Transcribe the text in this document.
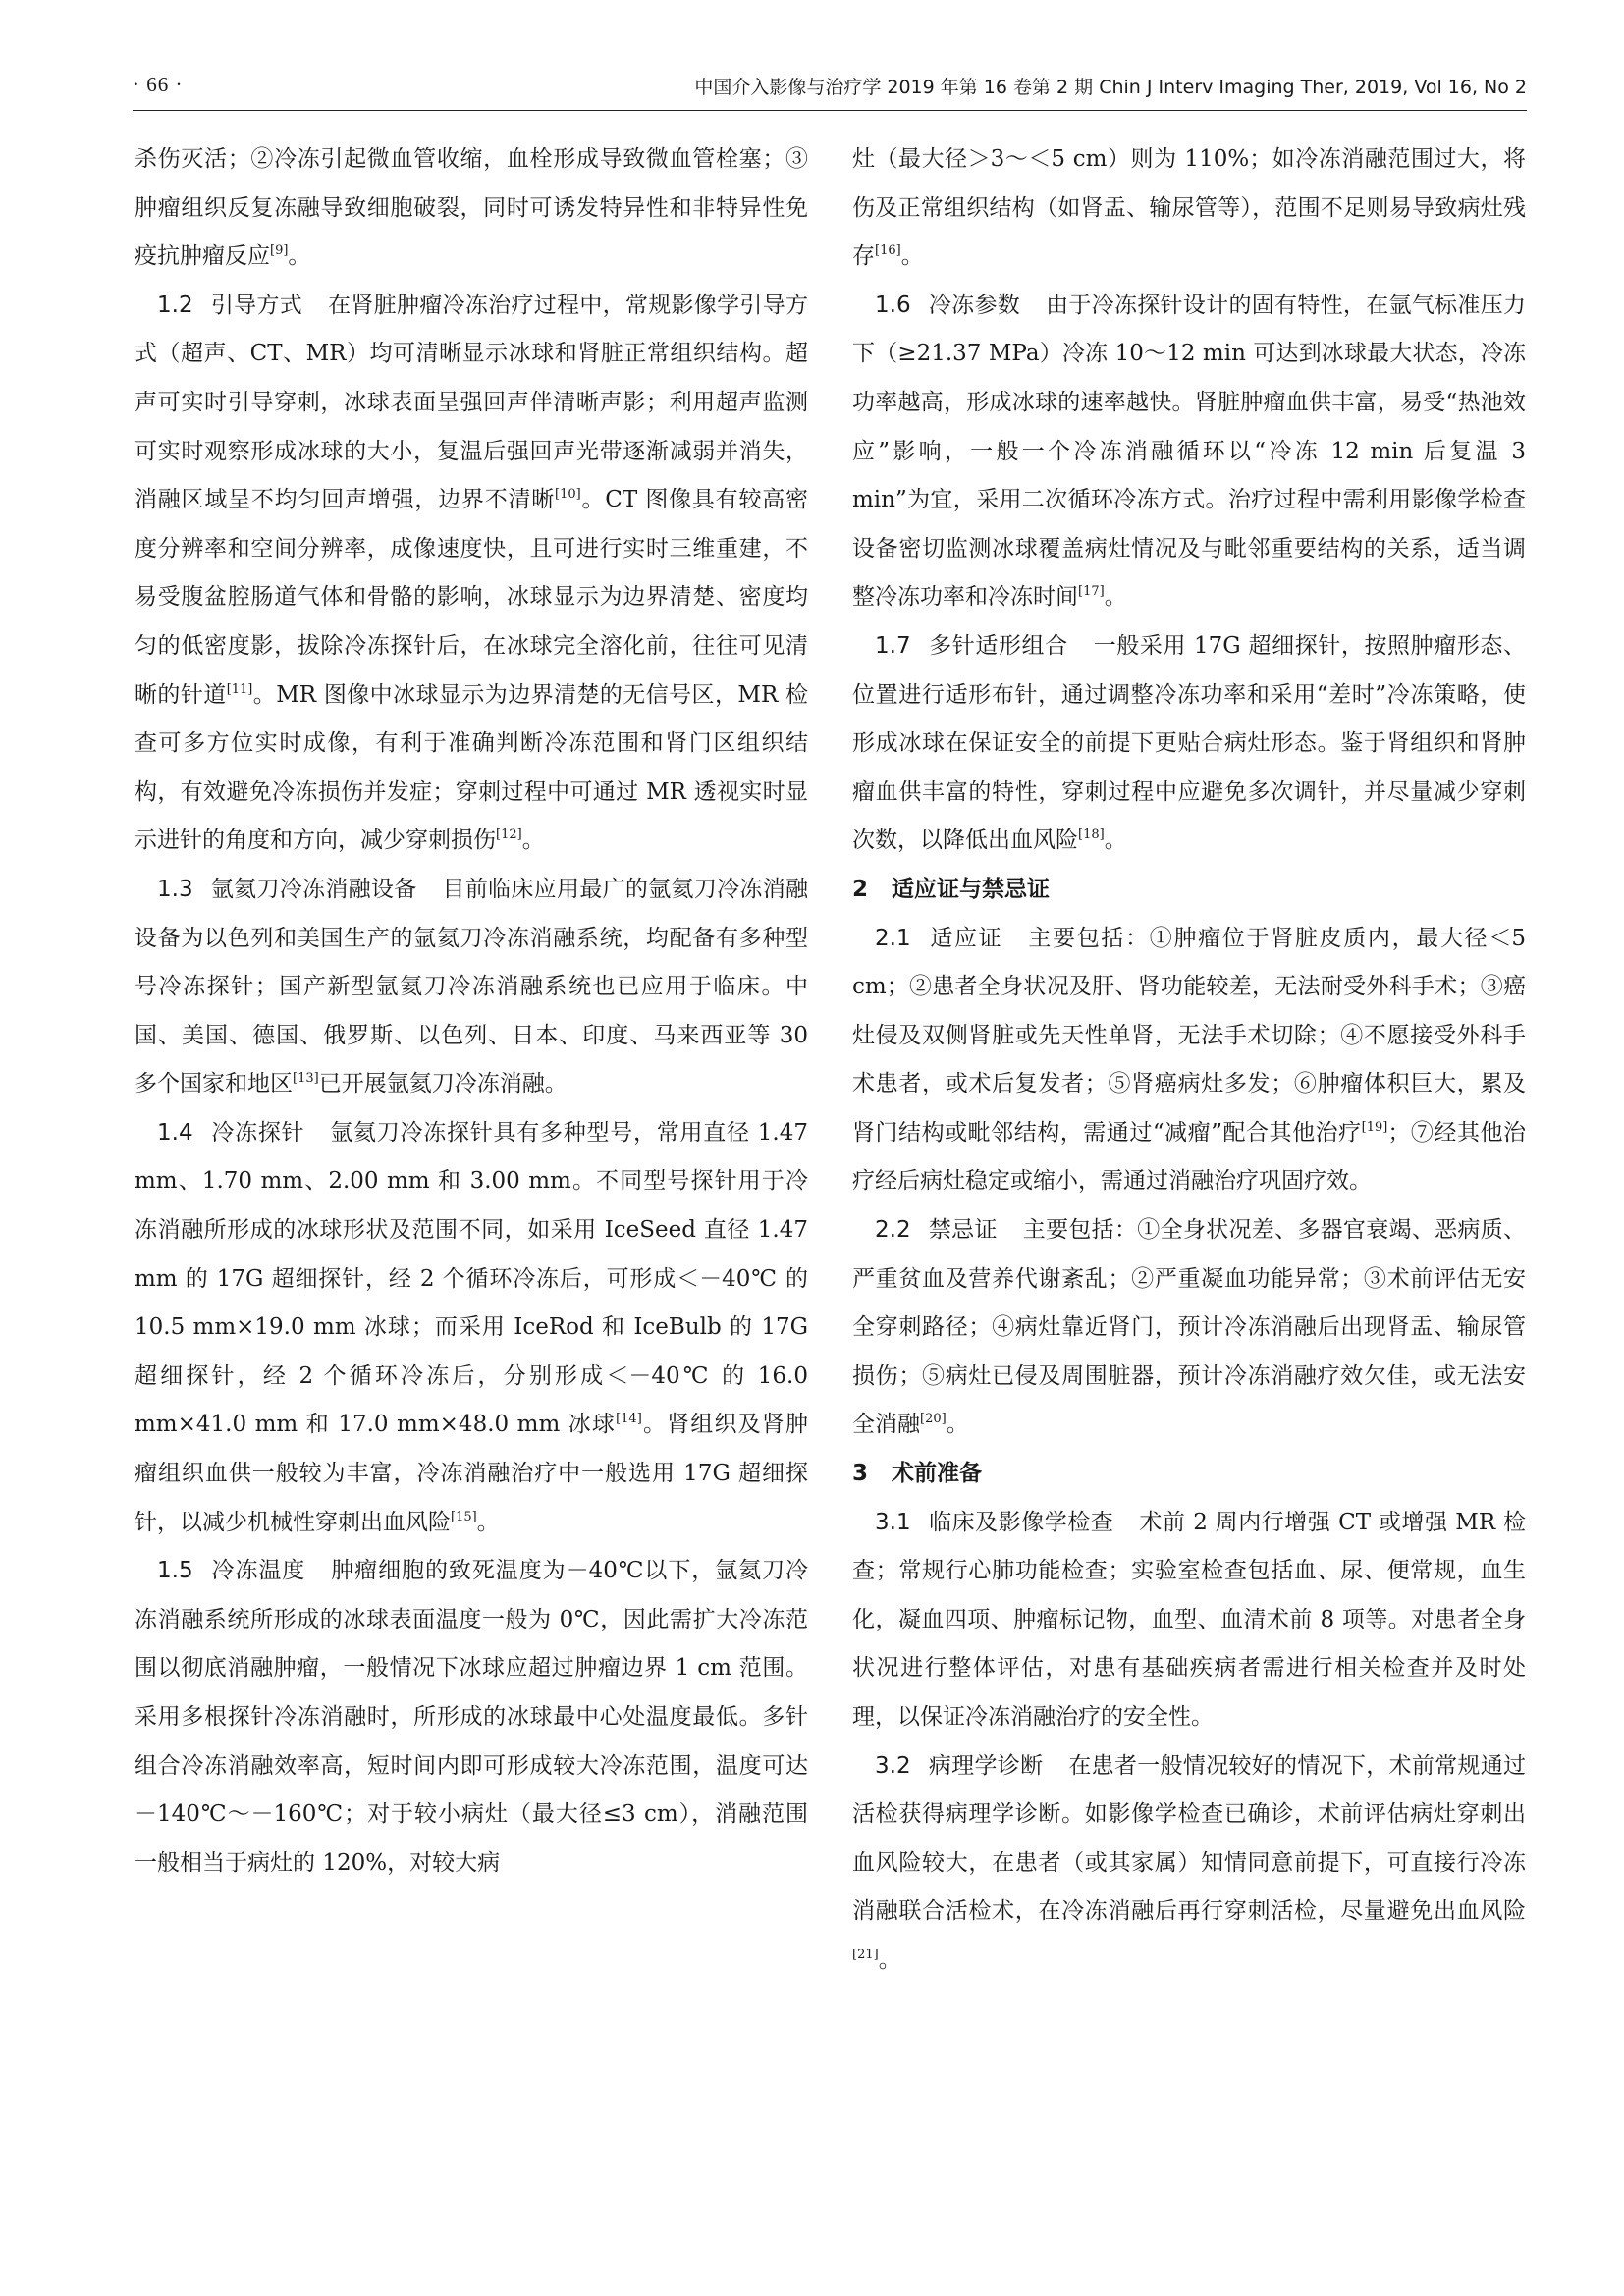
· 66 ·	中国介入影像与治疗学 2019 年第 16 卷第 2 期 Chin J Interv Imaging Ther, 2019, Vol 16, No 2
杀伤灭活；②冷冻引起微血管收缩，血栓形成导致微血管栓塞；③肿瘤组织反复冻融导致细胞破裂，同时可诱发特异性和非特异性免疫抗肿瘤反应[9]。
1.2 引导方式 在肾脏肿瘤冷冻治疗过程中，常规影像学引导方式（超声、CT、MR）均可清晰显示冰球和肾脏正常组织结构。超声可实时引导穿刺，冰球表面呈强回声伴清晰声影；利用超声监测可实时观察形成冰球的大小，复温后强回声光带逐渐减弱并消失，消融区域呈不均匀回声增强，边界不清晰[10]。CT 图像具有较高密度分辨率和空间分辨率，成像速度快，且可进行实时三维重建，不易受腹盆腔肠道气体和骨骼的影响，冰球显示为边界清楚、密度均匀的低密度影，拔除冷冻探针后，在冰球完全溶化前，往往可见清晰的针道[11]。MR 图像中冰球显示为边界清楚的无信号区，MR 检查可多方位实时成像，有利于准确判断冷冻范围和肾门区组织结构，有效避免冷冻损伤并发症；穿刺过程中可通过 MR 透视实时显示进针的角度和方向，减少穿刺损伤[12]。
1.3 氩氦刀冷冻消融设备 目前临床应用最广的氩氦刀冷冻消融设备为以色列和美国生产的氩氦刀冷冻消融系统，均配备有多种型号冷冻探针；国产新型氩氦刀冷冻消融系统也已应用于临床。中国、美国、德国、俄罗斯、以色列、日本、印度、马来西亚等 30 多个国家和地区[13]已开展氩氦刀冷冻消融。
1.4 冷冻探针 氩氦刀冷冻探针具有多种型号，常用直径 1.47 mm、1.70 mm、2.00 mm 和 3.00 mm。不同型号探针用于冷冻消融所形成的冰球形状及范围不同，如采用 IceSeed 直径 1.47 mm 的 17G 超细探针，经 2 个循环冷冻后，可形成＜－40℃ 的 10.5 mm×19.0 mm 冰球；而采用 IceRod 和 IceBulb 的 17G 超细探针，经 2 个循环冷冻后，分别形成＜－40℃ 的 16.0 mm×41.0 mm 和 17.0 mm×48.0 mm 冰球[14]。肾组织及肾肿瘤组织血供一般较为丰富，冷冻消融治疗中一般选用 17G 超细探针，以减少机械性穿刺出血风险[15]。
1.5 冷冻温度 肿瘤细胞的致死温度为－40℃以下，氩氦刀冷冻消融系统所形成的冰球表面温度一般为 0℃，因此需扩大冷冻范围以彻底消融肿瘤，一般情况下冰球应超过肿瘤边界 1 cm 范围。采用多根探针冷冻消融时，所形成的冰球最中心处温度最低。多针组合冷冻消融效率高，短时间内即可形成较大冷冻范围，温度可达－140℃～－160℃；对于较小病灶（最大径≤3 cm），消融范围一般相当于病灶的 120%，对较大病
灶（最大径＞3～＜5 cm）则为 110%；如冷冻消融范围过大，将伤及正常组织结构（如肾盂、输尿管等），范围不足则易导致病灶残存[16]。
1.6 冷冻参数 由于冷冻探针设计的固有特性，在氩气标准压力下（≥21.37 MPa）冷冻 10～12 min 可达到冰球最大状态，冷冻功率越高，形成冰球的速率越快。肾脏肿瘤血供丰富，易受“热池效应”影响，一般一个冷冻消融循环以“冷冻 12 min 后复温 3 min”为宜，采用二次循环冷冻方式。治疗过程中需利用影像学检查设备密切监测冰球覆盖病灶情况及与毗邻重要结构的关系，适当调整冷冻功率和冷冻时间[17]。
1.7 多针适形组合 一般采用 17G 超细探针，按照肿瘤形态、位置进行适形布针，通过调整冷冻功率和采用“差时”冷冻策略，使形成冰球在保证安全的前提下更贴合病灶形态。鉴于肾组织和肾肿瘤血供丰富的特性，穿刺过程中应避免多次调针，并尽量减少穿刺次数，以降低出血风险[18]。
2 适应证与禁忌证
2.1 适应证 主要包括：①肿瘤位于肾脏皮质内，最大径＜5 cm；②患者全身状况及肝、肾功能较差，无法耐受外科手术；③癌灶侵及双侧肾脏或先天性单肾，无法手术切除；④不愿接受外科手术患者，或术后复发者；⑤肾癌病灶多发；⑥肿瘤体积巨大，累及肾门结构或毗邻结构，需通过“减瘤”配合其他治疗[19]；⑦经其他治疗经后病灶稳定或缩小，需通过消融治疗巩固疗效。
2.2 禁忌证 主要包括：①全身状况差、多器官衰竭、恶病质、严重贫血及营养代谢紊乱；②严重凝血功能异常；③术前评估无安全穿刺路径；④病灶靠近肾门，预计冷冻消融后出现肾盂、输尿管损伤；⑤病灶已侵及周围脏器，预计冷冻消融疗效欠佳，或无法安全消融[20]。
3 术前准备
3.1 临床及影像学检查 术前 2 周内行增强 CT 或增强 MR 检查；常规行心肺功能检查；实验室检查包括血、尿、便常规，血生化，凝血四项、肿瘤标记物，血型、血清术前 8 项等。对患者全身状况进行整体评估，对患有基础疾病者需进行相关检查并及时处理，以保证冷冻消融治疗的安全性。
3.2 病理学诊断 在患者一般情况较好的情况下，术前常规通过活检获得病理学诊断。如影像学检查已确诊，术前评估病灶穿刺出血风险较大，在患者（或其家属）知情同意前提下，可直接行冷冻消融联合活检术，在冷冻消融后再行穿刺活检，尽量避免出血风险[21]。
